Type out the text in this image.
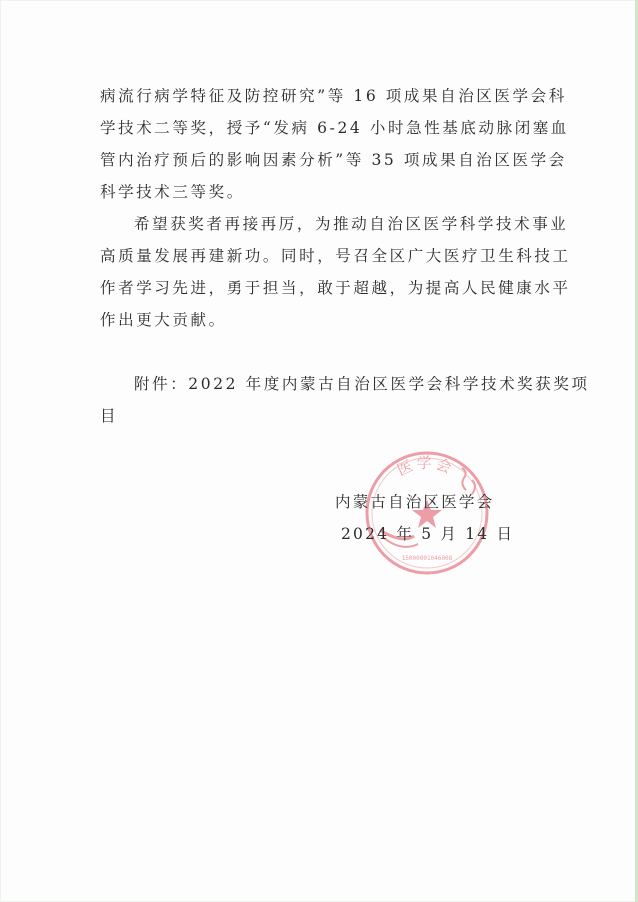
病流行病学特征及防控研究”等 16 项成果自治区医学会科
学技术二等奖，授予“发病 6-24 小时急性基底动脉闭塞血
管内治疗预后的影响因素分析”等 35 项成果自治区医学会
科学技术三等奖。
希望获奖者再接再厉，为推动自治区医学科学技术事业
高质量发展再建新功。同时，号召全区广大医疗卫生科技工
作者学习先进，勇于担当，敢于超越，为提高人民健康水平
作出更大贡献。
附件：2022 年度内蒙古自治区医学会科学技术奖获奖项
目
医学会
15000001046008
内蒙古自治区医学会
2024 年 5 月 14 日
